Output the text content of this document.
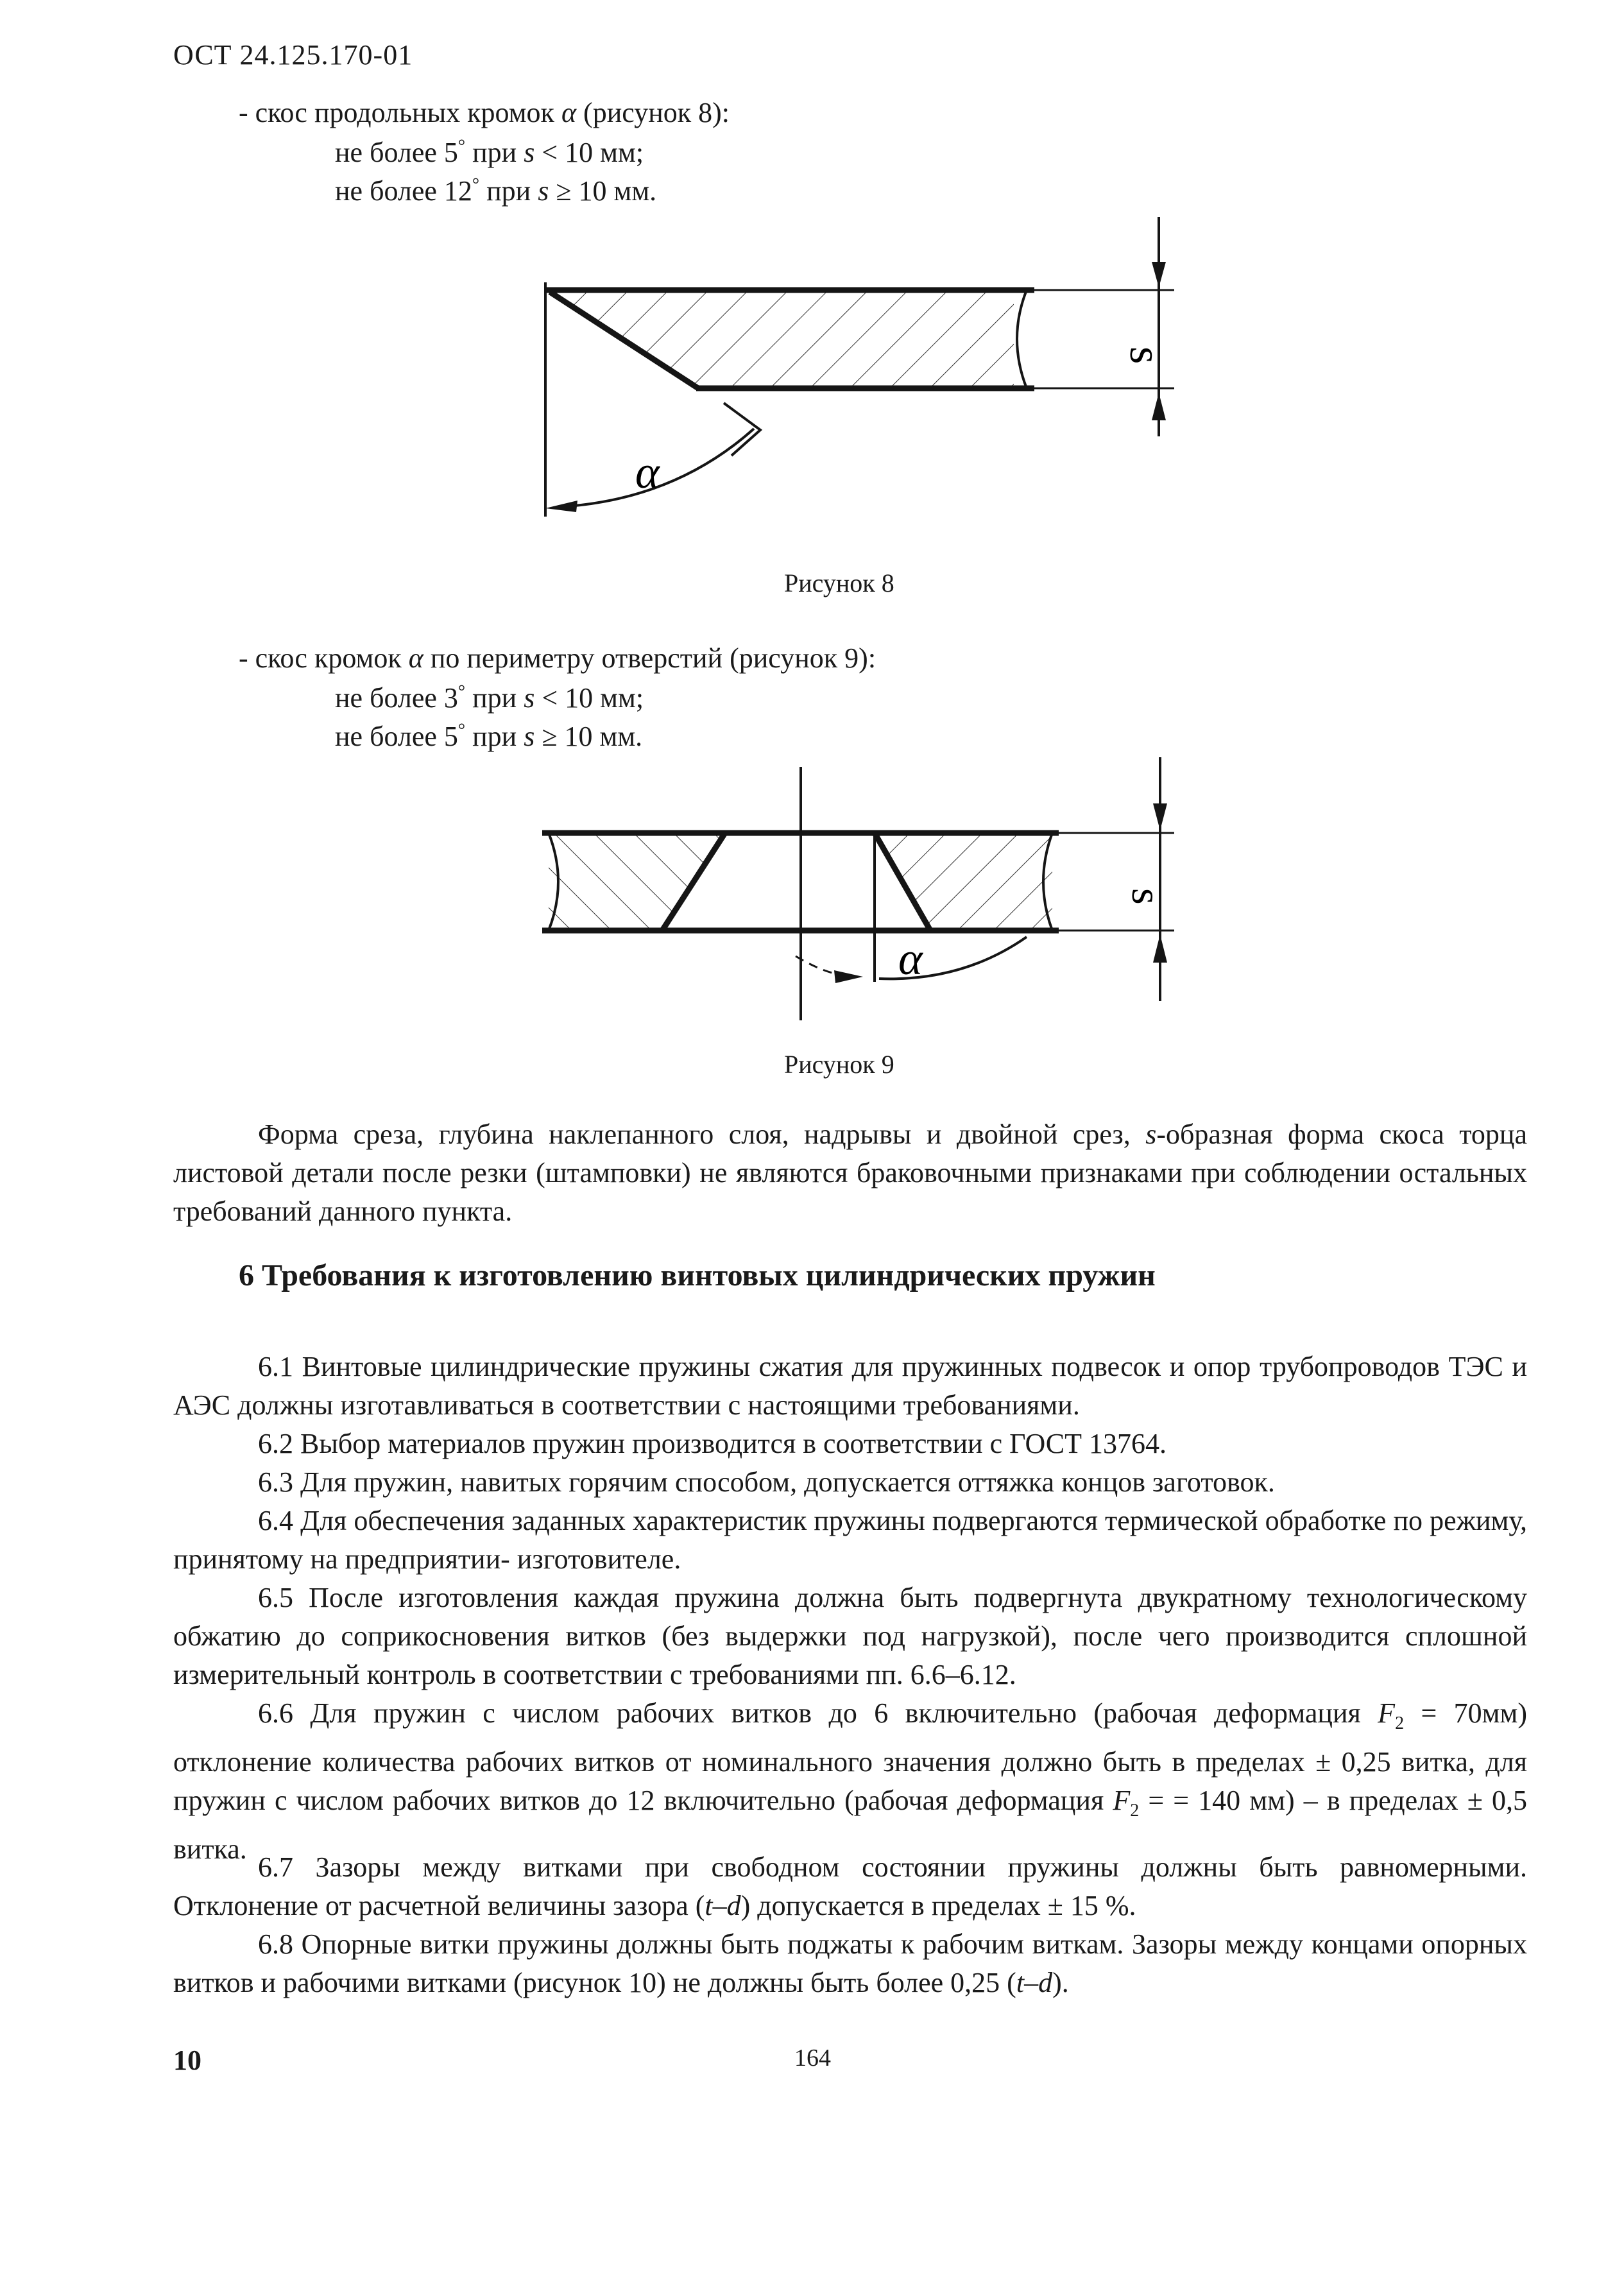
ОСТ 24.125.170-01
- скос продольных кромок α (рисунок 8):
не более 5° при s < 10 мм;
не более 12° при s ≥ 10 мм.
s
α
Рисунок 8
- скос кромок α по периметру отверстий (рисунок 9):
не более 3° при s < 10 мм;
не более 5° при s ≥ 10 мм.
s
α
Рисунок 9
Форма среза, глубина наклепанного слоя, надрывы и двойной срез, s-образная форма скоса торца листовой детали после резки (штамповки) не являются браковочными признаками при соблюдении остальных требований данного пункта.
6 Требования к изготовлению винтовых цилиндрических пружин
6.1 Винтовые цилиндрические пружины сжатия для пружинных подвесок и опор трубопроводов ТЭС и АЭС должны изготавливаться в соответствии с настоящими требованиями.
6.2 Выбор материалов пружин производится в соответствии с ГОСТ 13764.
6.3 Для пружин, навитых горячим способом, допускается оттяжка концов заготовок.
6.4 Для обеспечения заданных характеристик пружины подвергаются термической обработке по режиму, принятому на предприятии- изготовителе.
6.5 После изготовления каждая пружина должна быть подвергнута двукратному технологическому обжатию до соприкосновения витков (без выдержки под нагрузкой), после чего производится сплошной измерительный контроль в соответствии с требованиями пп. 6.6–6.12.
6.6 Для пружин с числом рабочих витков до 6 включительно (рабочая деформация $F_2 = 70мм$) отклонение количества рабочих витков от номинального значения должно быть в пределах ± 0,25 витка, для пружин с числом рабочих витков до 12 включительно (рабочая деформация $F_2$ = = 140 мм) – в пределах ± 0,5 витка.
6.7 Зазоры между витками при свободном состоянии пружины должны быть равномерными. Отклонение от расчетной величины зазора (t–d) допускается в пределах ± 15 %.
6.8 Опорные витки пружины должны быть поджаты к рабочим виткам. Зазоры между концами опорных витков и рабочими витками (рисунок 10) не должны быть более 0,25 (t–d).
10	164
